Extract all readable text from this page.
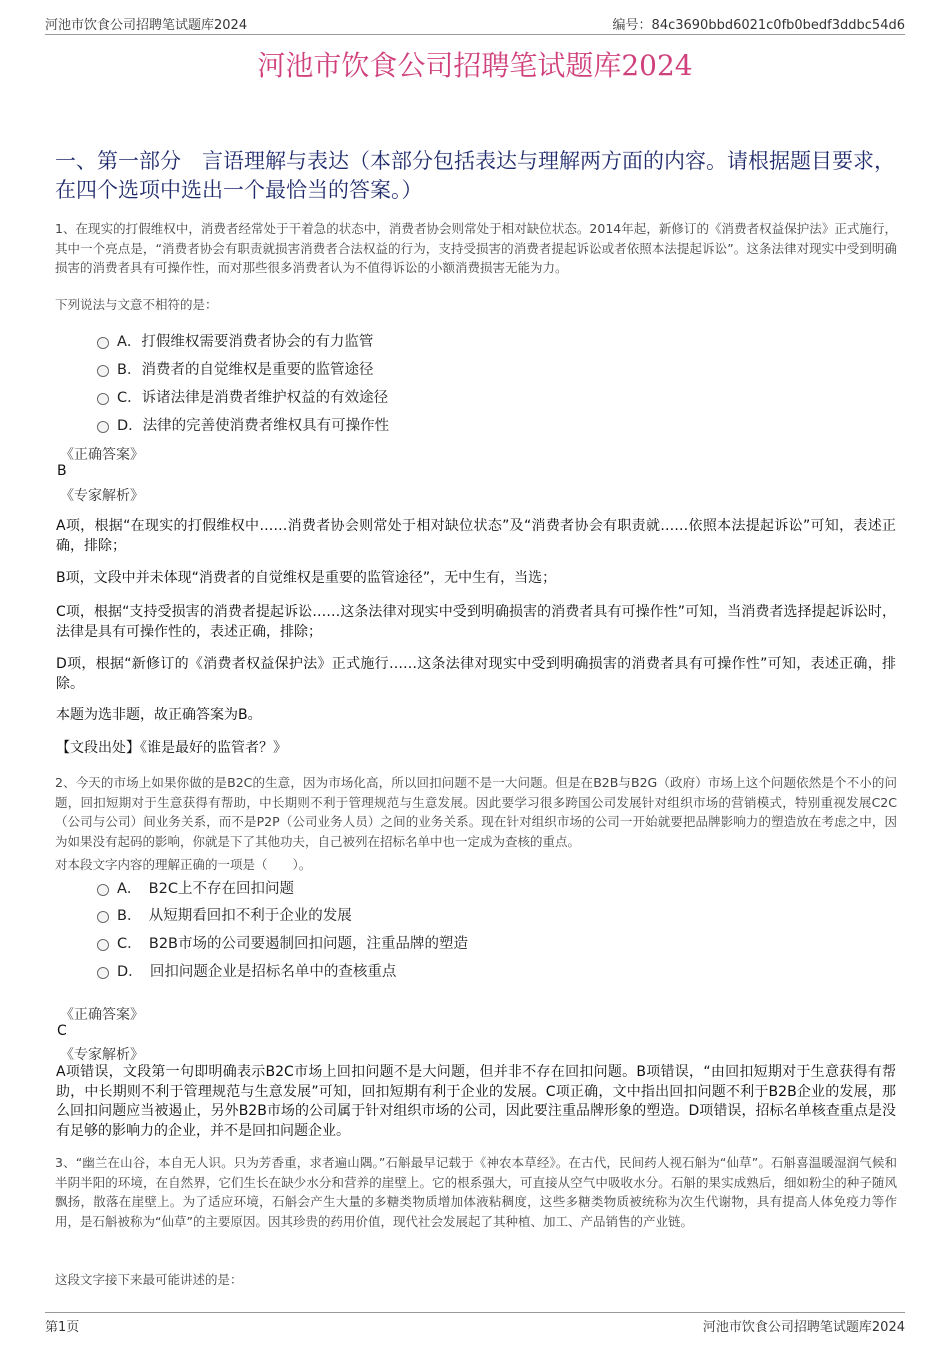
河池市饮食公司招聘笔试题库2024	编号：84c3690bbd6021c0fb0bedf3ddbc54d6
河池市饮食公司招聘笔试题库2024
一、第一部分　言语理解与表达（本部分包括表达与理解两方面的内容。请根据题目要求，在四个选项中选出一个最恰当的答案。）
1、在现实的打假维权中，消费者经常处于干着急的状态中，消费者协会则常处于相对缺位状态。2014年起，新修订的《消费者权益保护法》正式施行，其中一个亮点是，“消费者协会有职责就损害消费者合法权益的行为，支持受损害的消费者提起诉讼或者依照本法提起诉讼”。这条法律对现实中受到明确损害的消费者具有可操作性，而对那些很多消费者认为不值得诉讼的小额消费损害无能为力。
下列说法与文意不相符的是：
A．打假维权需要消费者协会的有力监管
B．消费者的自觉维权是重要的监管途径
C．诉诸法律是消费者维护权益的有效途径
D．法律的完善使消费者维权具有可操作性
《正确答案》
B
《专家解析》
A项，根据“在现实的打假维权中……消费者协会则常处于相对缺位状态”及“消费者协会有职责就……依照本法提起诉讼”可知，表述正确，排除；
B项，文段中并未体现“消费者的自觉维权是重要的监管途径”，无中生有，当选；
C项，根据“支持受损害的消费者提起诉讼……这条法律对现实中受到明确损害的消费者具有可操作性”可知，当消费者选择提起诉讼时，法律是具有可操作性的，表述正确，排除；
D项，根据“新修订的《消费者权益保护法》正式施行……这条法律对现实中受到明确损害的消费者具有可操作性”可知，表述正确，排除。
本题为选非题，故正确答案为B。
【文段出处】《谁是最好的监管者？》
2、今天的市场上如果你做的是B2C的生意，因为市场化高，所以回扣问题不是一大问题。但是在B2B与B2G（政府）市场上这个问题依然是个不小的问题，回扣短期对于生意获得有帮助，中长期则不利于管理规范与生意发展。因此要学习很多跨国公司发展针对组织市场的营销模式，特别重视发展C2C（公司与公司）间业务关系，而不是P2P（公司业务人员）之间的业务关系。现在针对组织市场的公司一开始就要把品牌影响力的塑造放在考虑之中，因为如果没有起码的影响，你就是下了其他功夫，自己被列在招标名单中也一定成为查核的重点。
对本段文字内容的理解正确的一项是（　　）。
A．　B2C上不存在回扣问题
B．　从短期看回扣不利于企业的发展
C．　B2B市场的公司要遏制回扣问题，注重品牌的塑造
D．　回扣问题企业是招标名单中的查核重点
《正确答案》
C
《专家解析》
A项错误，文段第一句即明确表示B2C市场上回扣问题不是大问题，但并非不存在回扣问题。B项错误，“由回扣短期对于生意获得有帮助，中长期则不利于管理规范与生意发展”可知，回扣短期有利于企业的发展。C项正确，文中指出回扣问题不利于B2B企业的发展，那么回扣问题应当被遏止，另外B2B市场的公司属于针对组织市场的公司，因此要注重品牌形象的塑造。D项错误，招标名单核查重点是没有足够的影响力的企业，并不是回扣问题企业。
3、“幽兰在山谷，本自无人识。只为芳香重，求者遍山隅。”石斛最早记载于《神农本草经》。在古代，民间药人视石斛为“仙草”。石斛喜温暖湿润气候和半阴半阳的环境，在自然界，它们生长在缺少水分和营养的崖壁上。它的根系强大，可直接从空气中吸收水分。石斛的果实成熟后，细如粉尘的种子随风飘扬，散落在崖壁上。为了适应环境，石斛会产生大量的多糖类物质增加体液粘稠度，这些多糖类物质被统称为次生代谢物，具有提高人体免疫力等作用，是石斛被称为“仙草”的主要原因。因其珍贵的药用价值，现代社会发展起了其种植、加工、产品销售的产业链。
这段文字接下来最可能讲述的是：
第1页	河池市饮食公司招聘笔试题库2024
